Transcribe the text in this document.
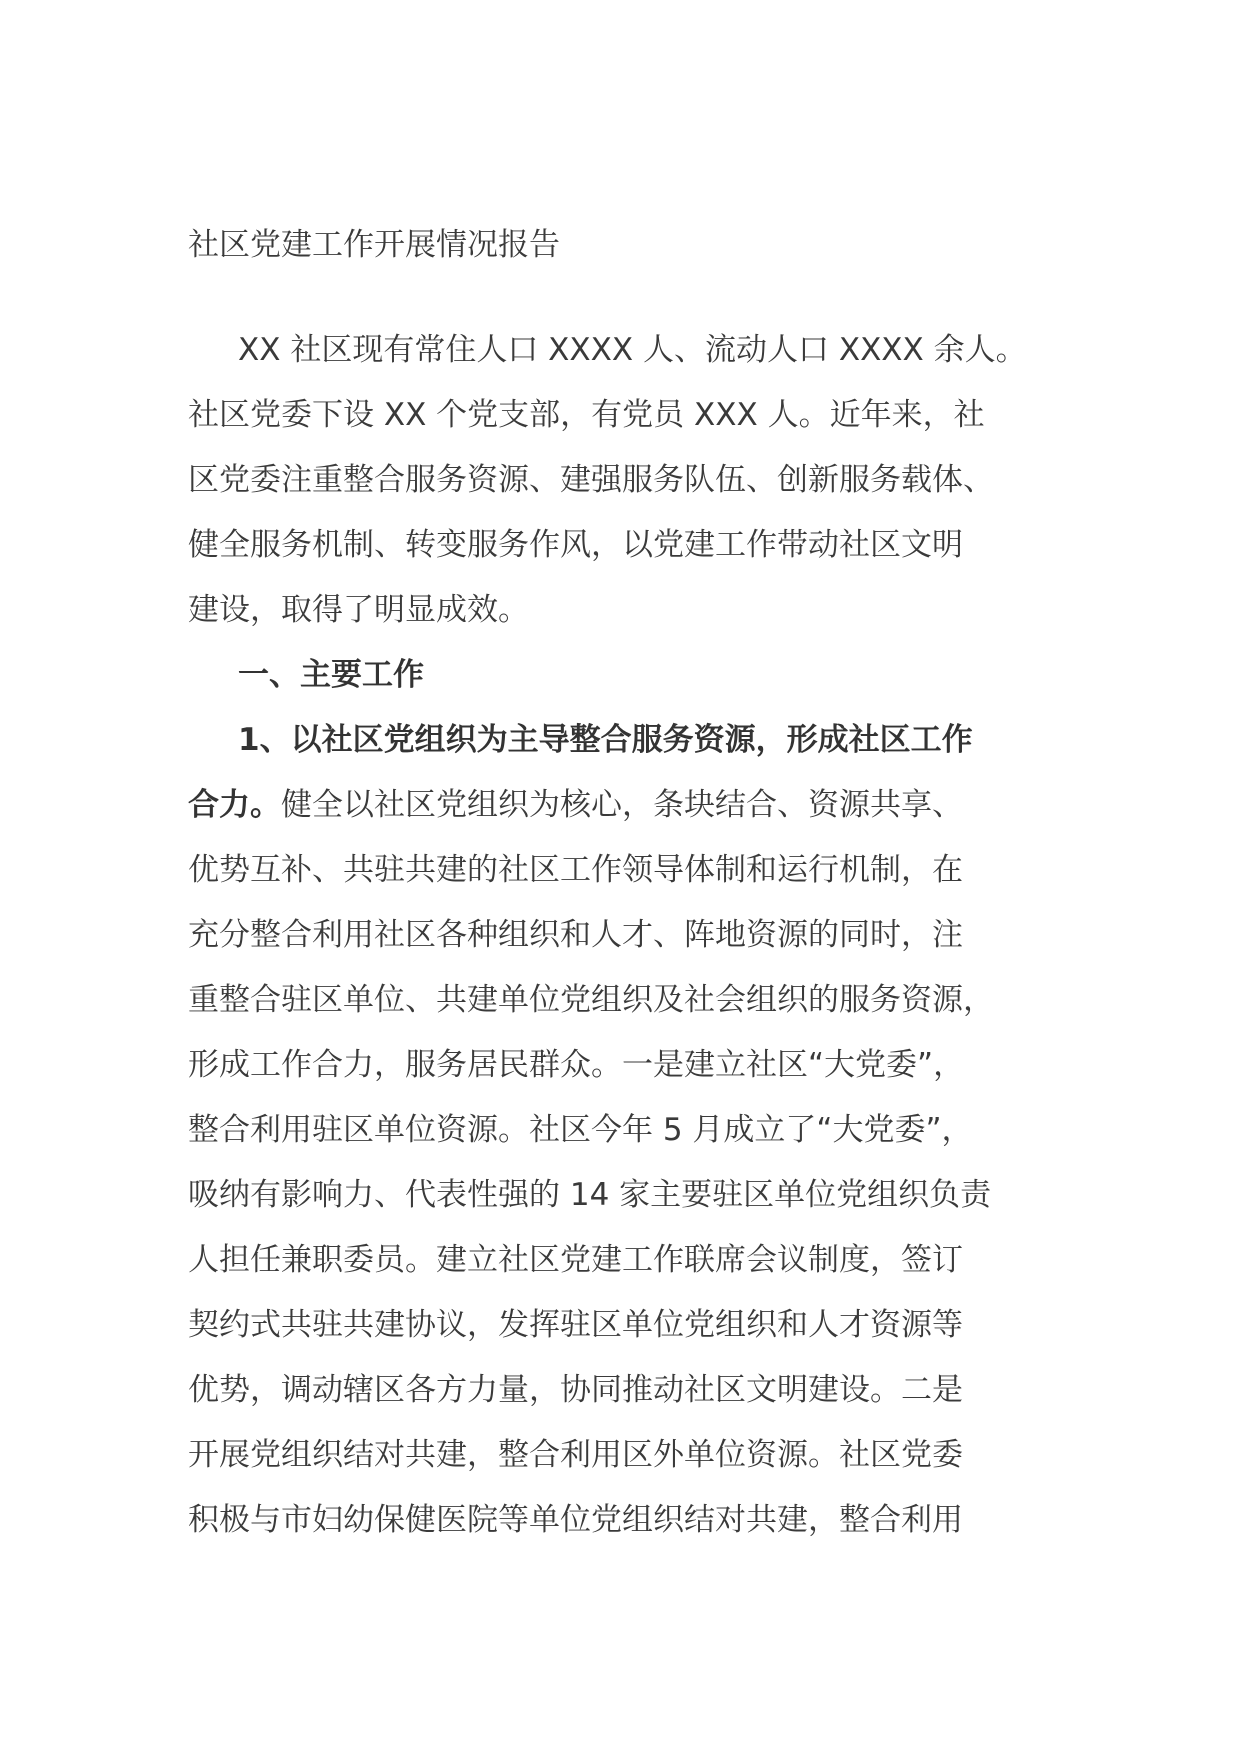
社区党建工作开展情况报告
XX 社区现有常住人口 XXXX 人、流动人口 XXXX 余人。
社区党委下设 XX 个党支部，有党员 XXX 人。近年来，社
区党委注重整合服务资源、建强服务队伍、创新服务载体、
健全服务机制、转变服务作风，以党建工作带动社区文明
建设，取得了明显成效。
一、主要工作
1、以社区党组织为主导整合服务资源，形成社区工作
合力。健全以社区党组织为核心，条块结合、资源共享、
优势互补、共驻共建的社区工作领导体制和运行机制，在
充分整合利用社区各种组织和人才、阵地资源的同时，注
重整合驻区单位、共建单位党组织及社会组织的服务资源，
形成工作合力，服务居民群众。一是建立社区“大党委”，
整合利用驻区单位资源。社区今年 5 月成立了“大党委”，
吸纳有影响力、代表性强的 14 家主要驻区单位党组织负责
人担任兼职委员。建立社区党建工作联席会议制度，签订
契约式共驻共建协议，发挥驻区单位党组织和人才资源等
优势，调动辖区各方力量，协同推动社区文明建设。二是
开展党组织结对共建，整合利用区外单位资源。社区党委
积极与市妇幼保健医院等单位党组织结对共建，整合利用
